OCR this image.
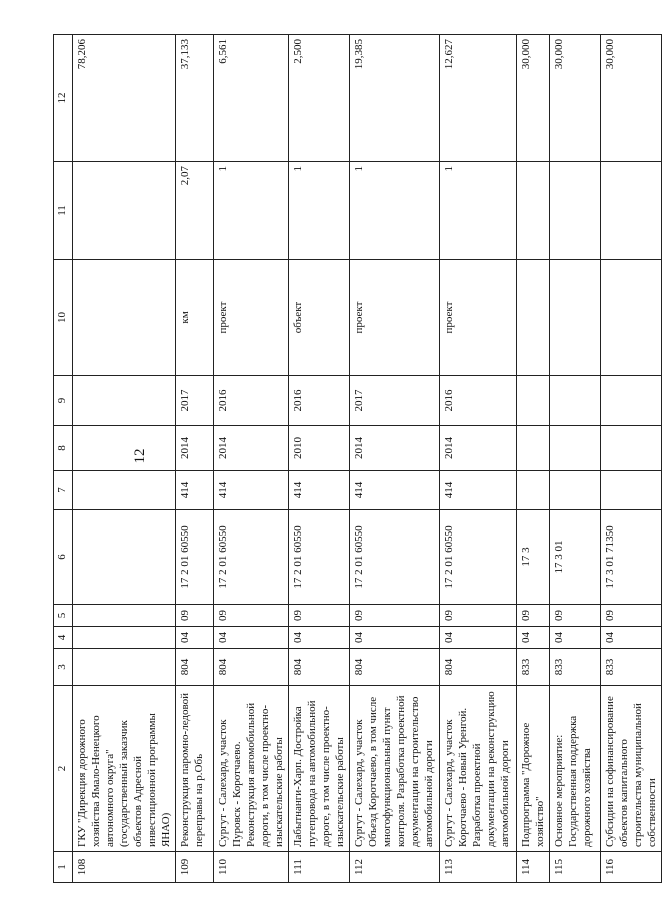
12
1	2	3	4	5	6	7	8	9	10	11	12
108	ГКУ "Дирекция дорожного хозяйства Ямало-Ненецкого автономного округа" (государственный заказчик объектов Адресной инвестиционной программы ЯНАО)										78,206
109	Реконструкция паромно-ледовой переправы на р.Обь	804	04	09	17 2 01 60550	414	2014	2017	км	2,07	37,133
110	Сургут - Салехард, участок Пуровск - Коротчаево. Реконструкция автомобильной дороги, в том числе проектно-изыскательские работы	804	04	09	17 2 01 60550	414	2014	2016	проект	1	6,561
111	Лабытнанги-Харп. Достройка путепровода на автомобильной дороге, в том числе проектно-изыскательские работы	804	04	09	17 2 01 60550	414	2010	2016	объект	1	2,500
112	Сургут - Салехард, участок Объезд Коротчаево, в том числе многофункциональный пункт контроля. Разработка проектной документации на строительство автомобильной дороги	804	04	09	17 2 01 60550	414	2014	2017	проект	1	19,385
113	Сургут - Салехард, участок Коротчаево - Новый Уренгой. Разработка проектной документации на реконструкцию автомобильной дороги	804	04	09	17 2 01 60550	414	2014	2016	проект	1	12,627
114	Подпрограмма "Дорожное хозяйство"	833	04	09	17 3						30,000
115	Основное мероприятие: Государственная поддержка дорожного хозяйства	833	04	09	17 3 01						30,000
116	Субсидии на софинансирование объектов капитального строительства муниципальной собственности	833	04	09	17 3 01 71350						30,000
